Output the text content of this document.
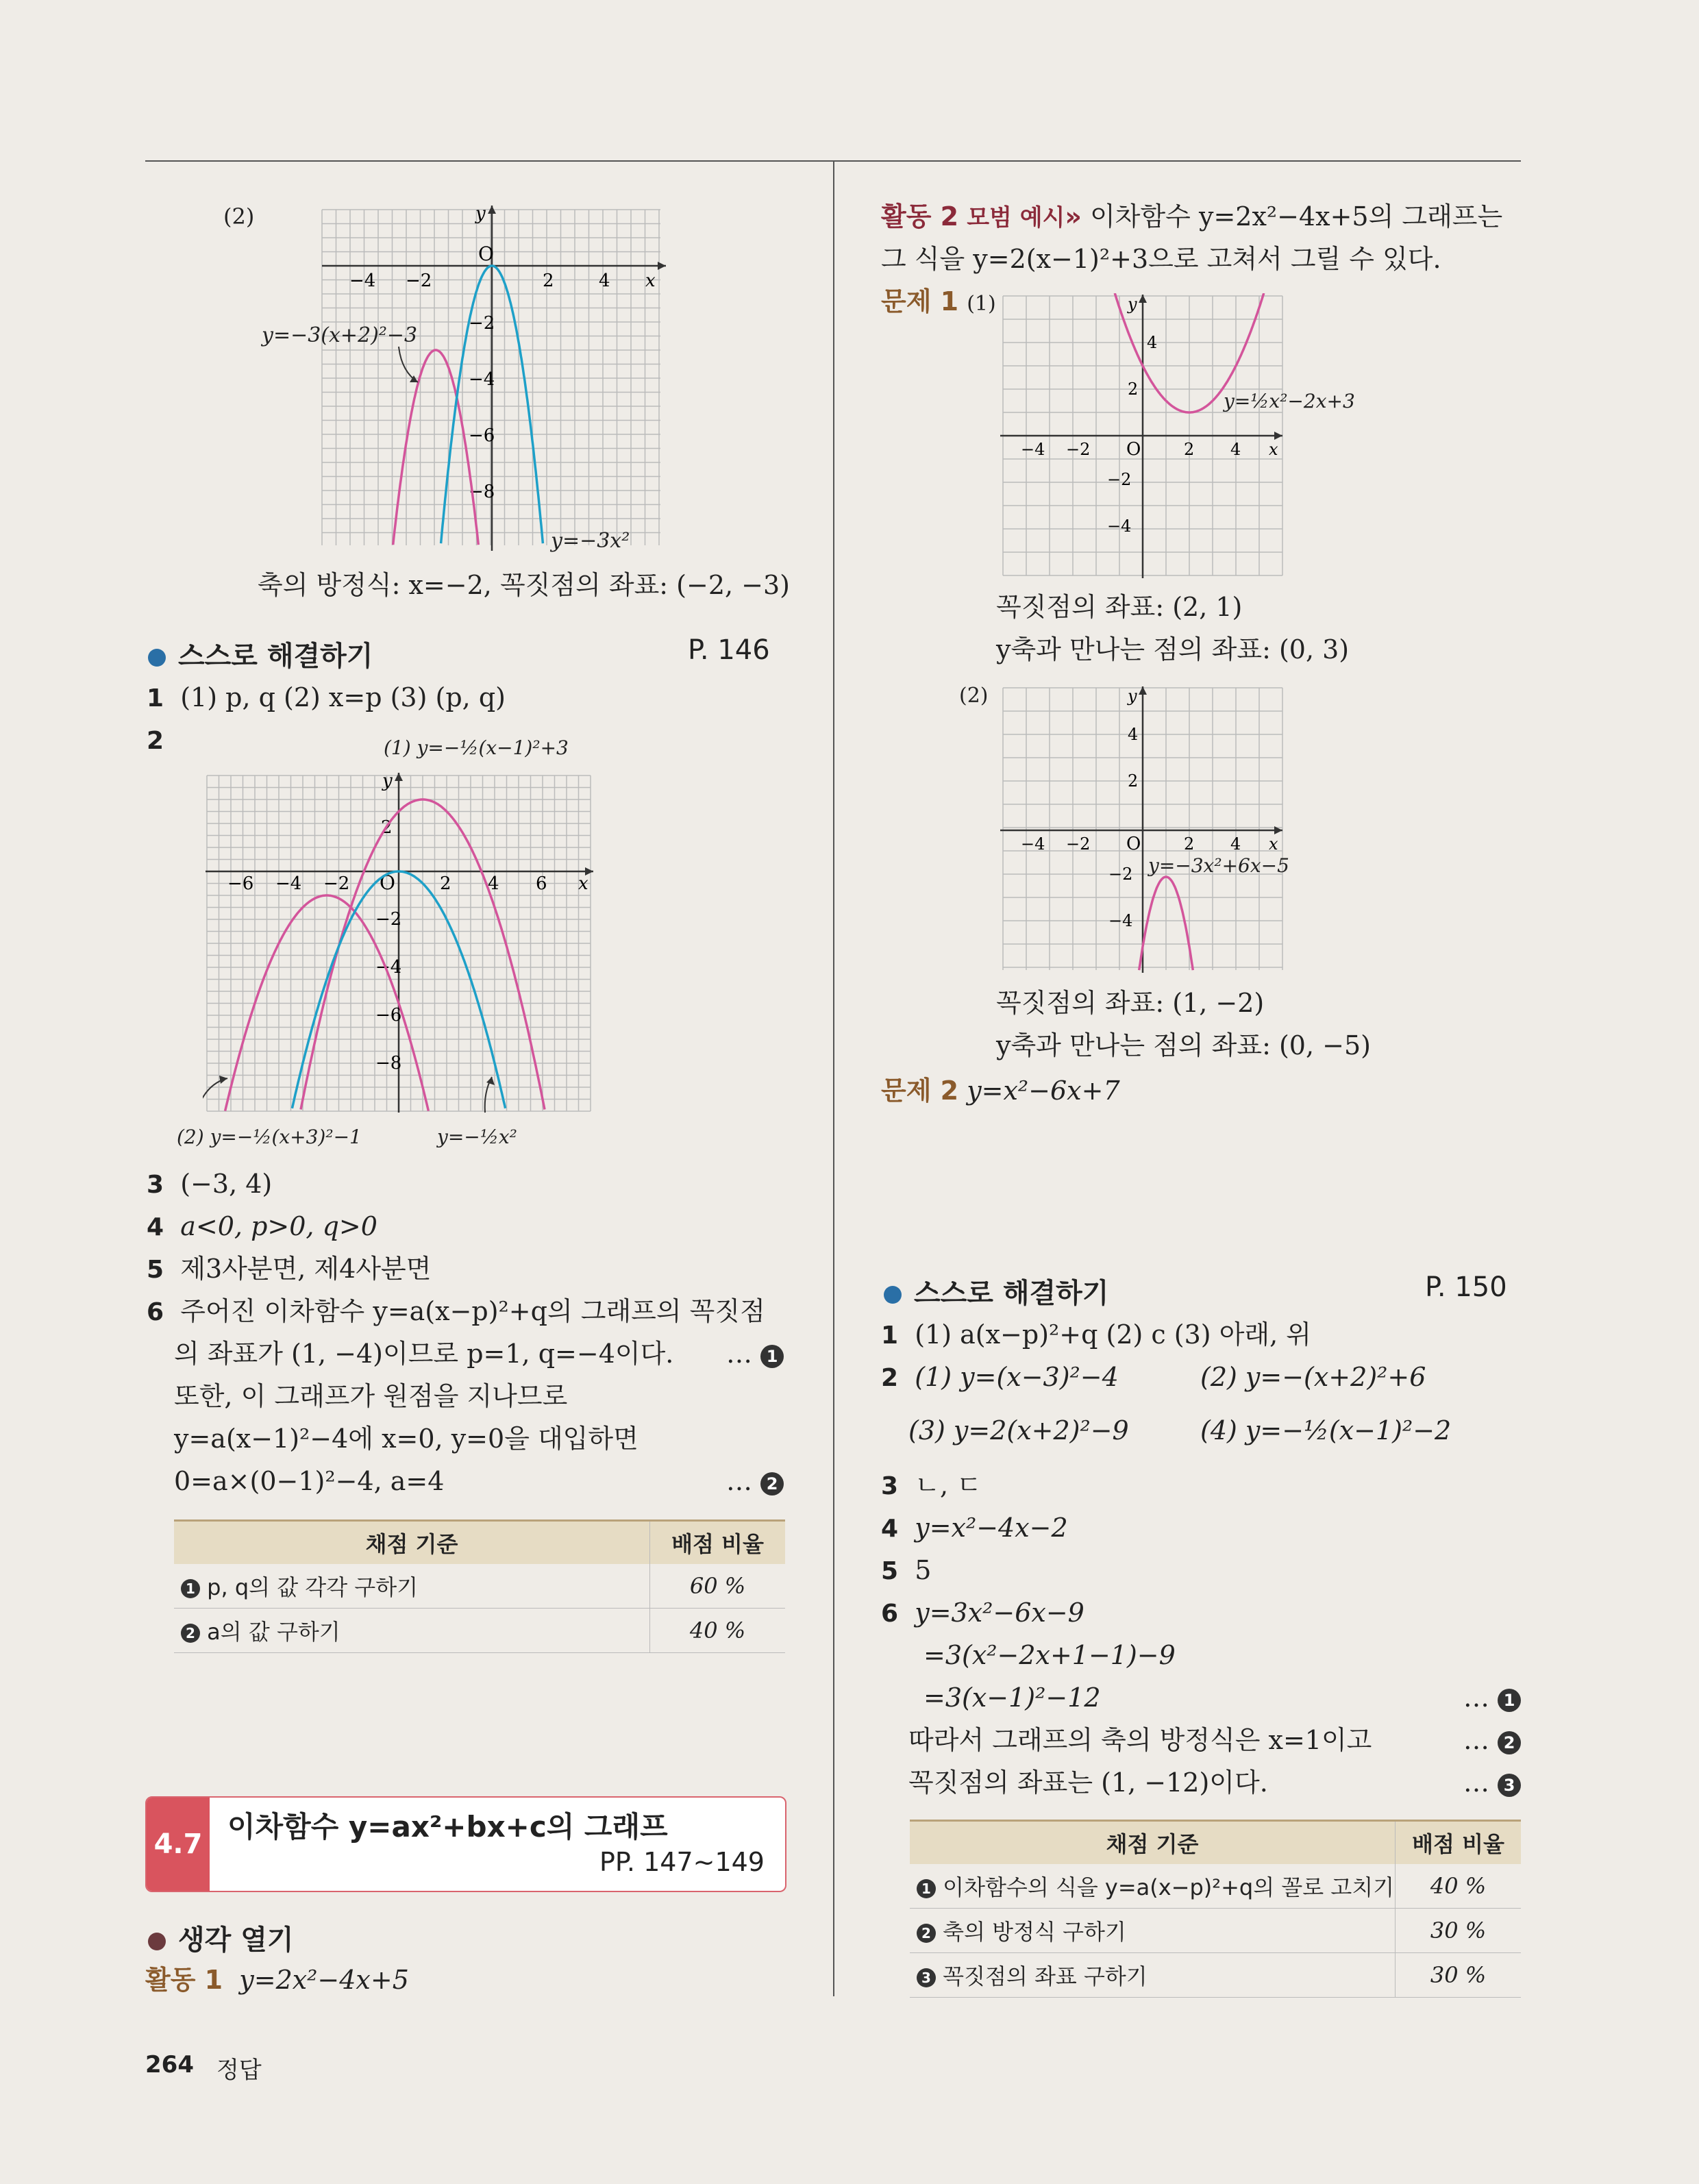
(2)
O
y
x
−4 −2	2	4
−2
−4
−6
−8
y=−3(x+2)²−3
y=−3x²
축의 방정식: x=−2, 꼭짓점의 좌표: (−2, −3)
스스로 해결하기	P. 146
1 (1) p, q (2) x=p (3) (p, q)
2
O
y
x
−6 −4 −2	2 4 6
2
−2
−4
−6
−8
(1) y=−½(x−1)²+3
(2) y=−½(x+3)²−1	y=−½x²
3 (−3, 4)
4 a<0, p>0, q>0
5 제3사분면, 제4사분면
6 주어진 이차함수 y=a(x−p)²+q의 그래프의 꼭짓점
의 좌표가 (1, −4)이므로 p=1, q=−4이다. … 1
또한, 이 그래프가 원점을 지나므로
y=a(x−1)²−4에 x=0, y=0을 대입하면
0=a×(0−1)²−4, a=4	… 2
채점 기준	배점 비율
1 p, q의 값 각각 구하기	60 %
2 a의 값 구하기	40 %
4.7
이차함수 y=ax²+bx+c의 그래프
PP. 147~149
생각 열기
활동 1 y=2x²−4x+5
264 정답
활동 2 모범 예시» 이차함수 y=2x²−4x+5의 그래프는
그 식을 y=2(x−1)²+3으로 고쳐서 그릴 수 있다.
문제 1 (1)
O
y
x
−4 −2	2 4
4
2
−2
−4
y=½x²−2x+3
꼭짓점의 좌표: (2, 1)
y축과 만나는 점의 좌표: (0, 3)
(2)
O
y
x
−4 −2	2 4
4
2
−2
−4
y=−3x²+6x−5
꼭짓점의 좌표: (1, −2)
y축과 만나는 점의 좌표: (0, −5)
문제 2 y=x²−6x+7
스스로 해결하기	P. 150
1 (1) a(x−p)²+q (2) c (3) 아래, 위
2 (1) y=(x−3)²−4	(2) y=−(x+2)²+6
(3) y=2(x+2)²−9	(4) y=−½(x−1)²−2
3 ㄴ, ㄷ
4 y=x²−4x−2
5 5
6 y=3x²−6x−9
=3(x²−2x+1−1)−9
=3(x−1)²−12	… 1
따라서 그래프의 축의 방정식은 x=1이고	… 2
꼭짓점의 좌표는 (1, −12)이다.	… 3
채점 기준	배점 비율
1 이차함수의 식을 y=a(x−p)²+q의 꼴로 고치기	40 %
2 축의 방정식 구하기	30 %
3 꼭짓점의 좌표 구하기	30 %
